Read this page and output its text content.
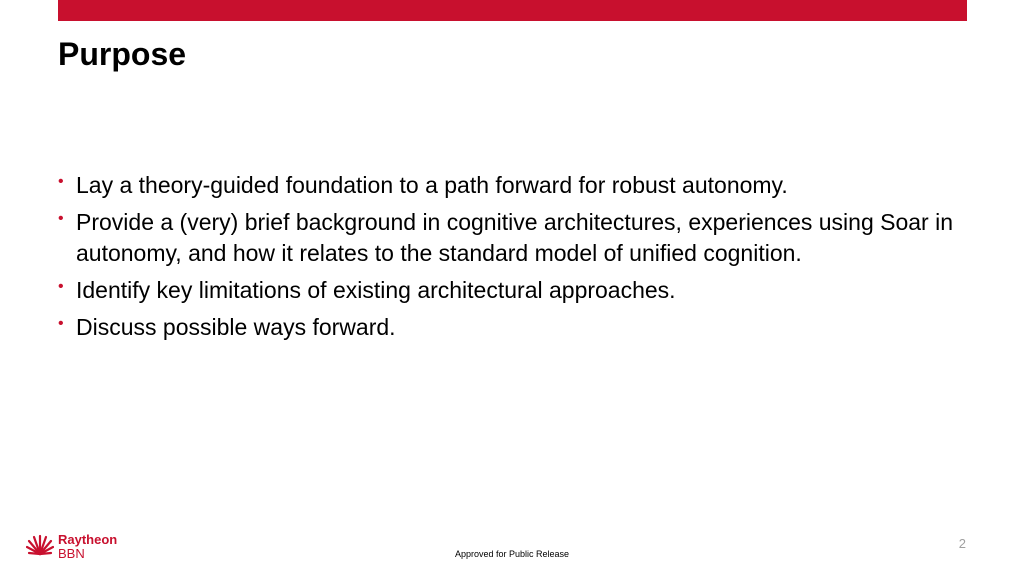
Purpose
• Lay a theory-guided foundation to a path forward for robust autonomy.
• Provide a (very) brief background in cognitive architectures, experiences using Soar in autonomy, and how it relates to the standard model of unified cognition.
• Identify key limitations of existing architectural approaches.
• Discuss possible ways forward.
Raytheon
BBN
2
Approved for Public Release
